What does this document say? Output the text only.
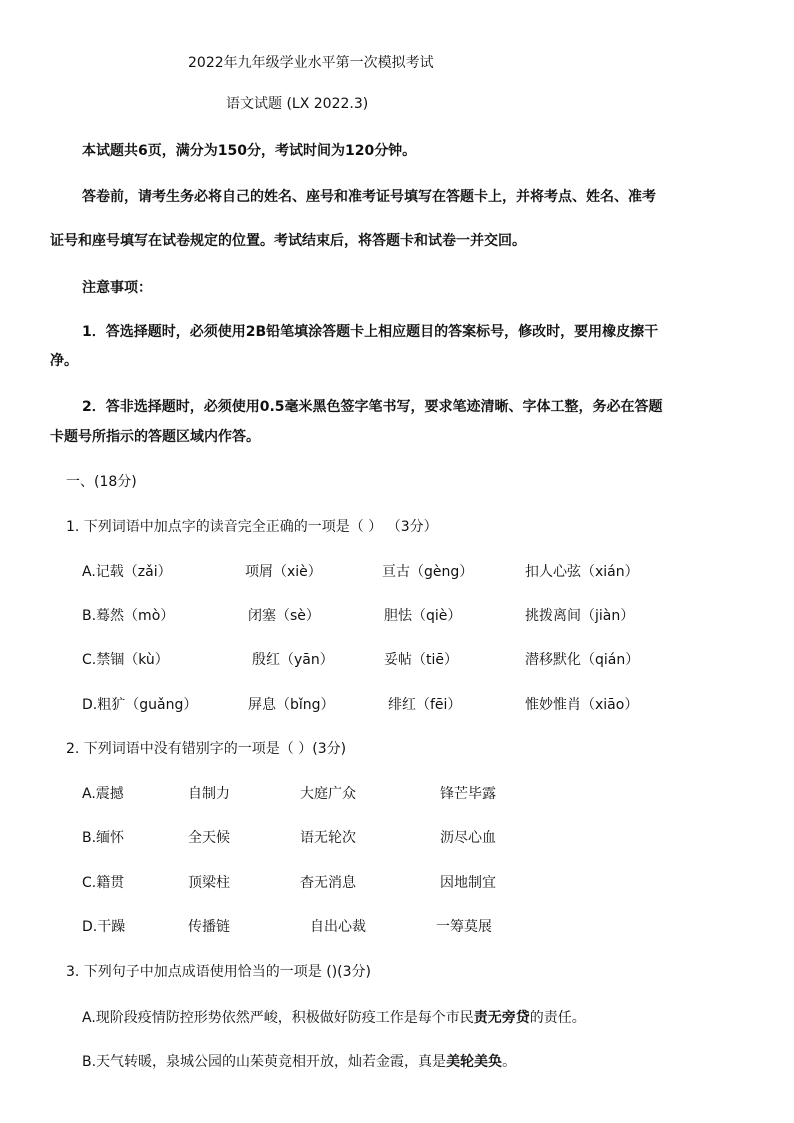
2022年九年级学业水平第一次模拟考试
语文试题 (LX 2022.3)
本试题共6页，满分为150分，考试时间为120分钟。
答卷前，请考生务必将自己的姓名、座号和准考证号填写在答题卡上，并将考点、姓名、准考
证号和座号填写在试卷规定的位置。考试结束后，将答题卡和试卷一并交回。
注意事项：
1．答选择题时，必须使用2B铅笔填涂答题卡上相应题目的答案标号，修改时，要用橡皮擦干
净。
2．答非选择题时，必须使用0.5毫米黑色签字笔书写，要求笔迹清晰、字体工整，务必在答题
卡题号所指示的答题区域内作答。
一、(18分)
1. 下列词语中加点字的读音完全正确的一项是（ ） （3分）
A.记载（zǎi）	项屑（xiè）	亘古（gèng）	扣人心弦（xián）
B.蓦然（mò）	闭塞（sè）	胆怯（qiè）	挑拨离间（jiàn）
C.禁锢（kù）	殷红（yān）	妥帖（tiē）	潜移默化（qián）
D.粗犷（guǎng）	屏息（bǐng）	绯红（fēi）	惟妙惟肖（xiāo）
2. 下列词语中没有错别字的一项是（ ）(3分)
A.震撼	自制力	大庭广众	锋芒毕露
B.缅怀	全天候	语无轮次	沥尽心血
C.籍贯	顶梁柱	杳无消息	因地制宜
D.干躁	传播链	自出心裁	一筹莫展
3. 下列句子中加点成语使用恰当的一项是 ()(3分)
A.现阶段疫情防控形势依然严峻，积极做好防疫工作是每个市民责无旁贷的责任。
B.天气转暖，泉城公园的山茱萸竞相开放，灿若金霞，真是美轮美奂。
